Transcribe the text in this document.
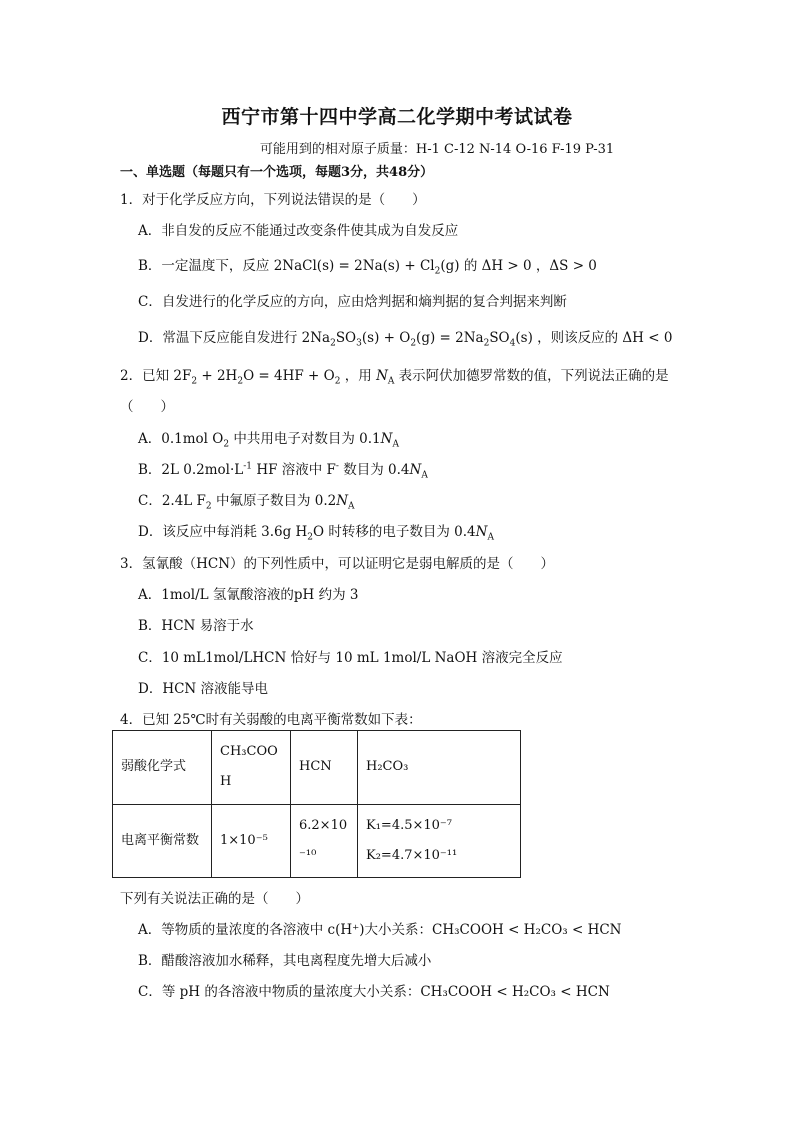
西宁市第十四中学高二化学期中考试试卷
可能用到的相对原子质量：H-1 C-12 N-14 O-16 F-19 P-31
一、单选题（每题只有一个选项，每题3分，共48分）
1．对于化学反应方向，下列说法错误的是（　　）
A．非自发的反应不能通过改变条件使其成为自发反应
B．一定温度下，反应 2NaCl(s) = $2Na(s) + Cl_2(g)$ 的 ΔH > 0 ，ΔS > 0
C．自发进行的化学反应的方向，应由焓判据和熵判据的复合判据来判断
D．常温下反应能自发进行 $2Na_2SO_3(s) + O_2(g) = 2Na_2SO_4(s)$ ，则该反应的 ΔH < 0
2．已知 $2F_2 + 2H_2O = 4HF + O_2$ ，用 $N_A$ 表示阿伏加德罗常数的值，下列说法正确的是
（　　）
A．0.1mol $O_2$ 中共用电子对数目为 $0.1N_A$
B．2L $0.2mol\cdot L^{-1}$ HF 溶液中 F- 数目为 $0.4N_A$
C．2.4L $F_2$ 中氟原子数目为 $0.2N_A$
D．该反应中每消耗 3.6g $H_2O$ 时转移的电子数目为 $0.4N_A$
3．氢氰酸（HCN）的下列性质中，可以证明它是弱电解质的是（　　）
A．1mol/L 氢氰酸溶液的pH 约为 3
B．HCN 易溶于水
C．10 mL1mol/LHCN 恰好与 10 mL 1mol/L NaOH 溶液完全反应
D．HCN 溶液能导电
4．已知 25℃时有关弱酸的电离平衡常数如下表：
弱酸化学式	CH₃COOH	HCN	H₂CO₃
电离平衡常数	1×10⁻⁵	6.2×10⁻¹⁰	K₁=4.5×10⁻⁷
K₂=4.7×10⁻¹¹
下列有关说法正确的是（　　）
A．等物质的量浓度的各溶液中 c(H⁺)大小关系：CH₃COOH < H₂CO₃ < HCN
B．醋酸溶液加水稀释，其电离程度先增大后减小
C．等 pH 的各溶液中物质的量浓度大小关系：CH₃COOH < H₂CO₃ < HCN
